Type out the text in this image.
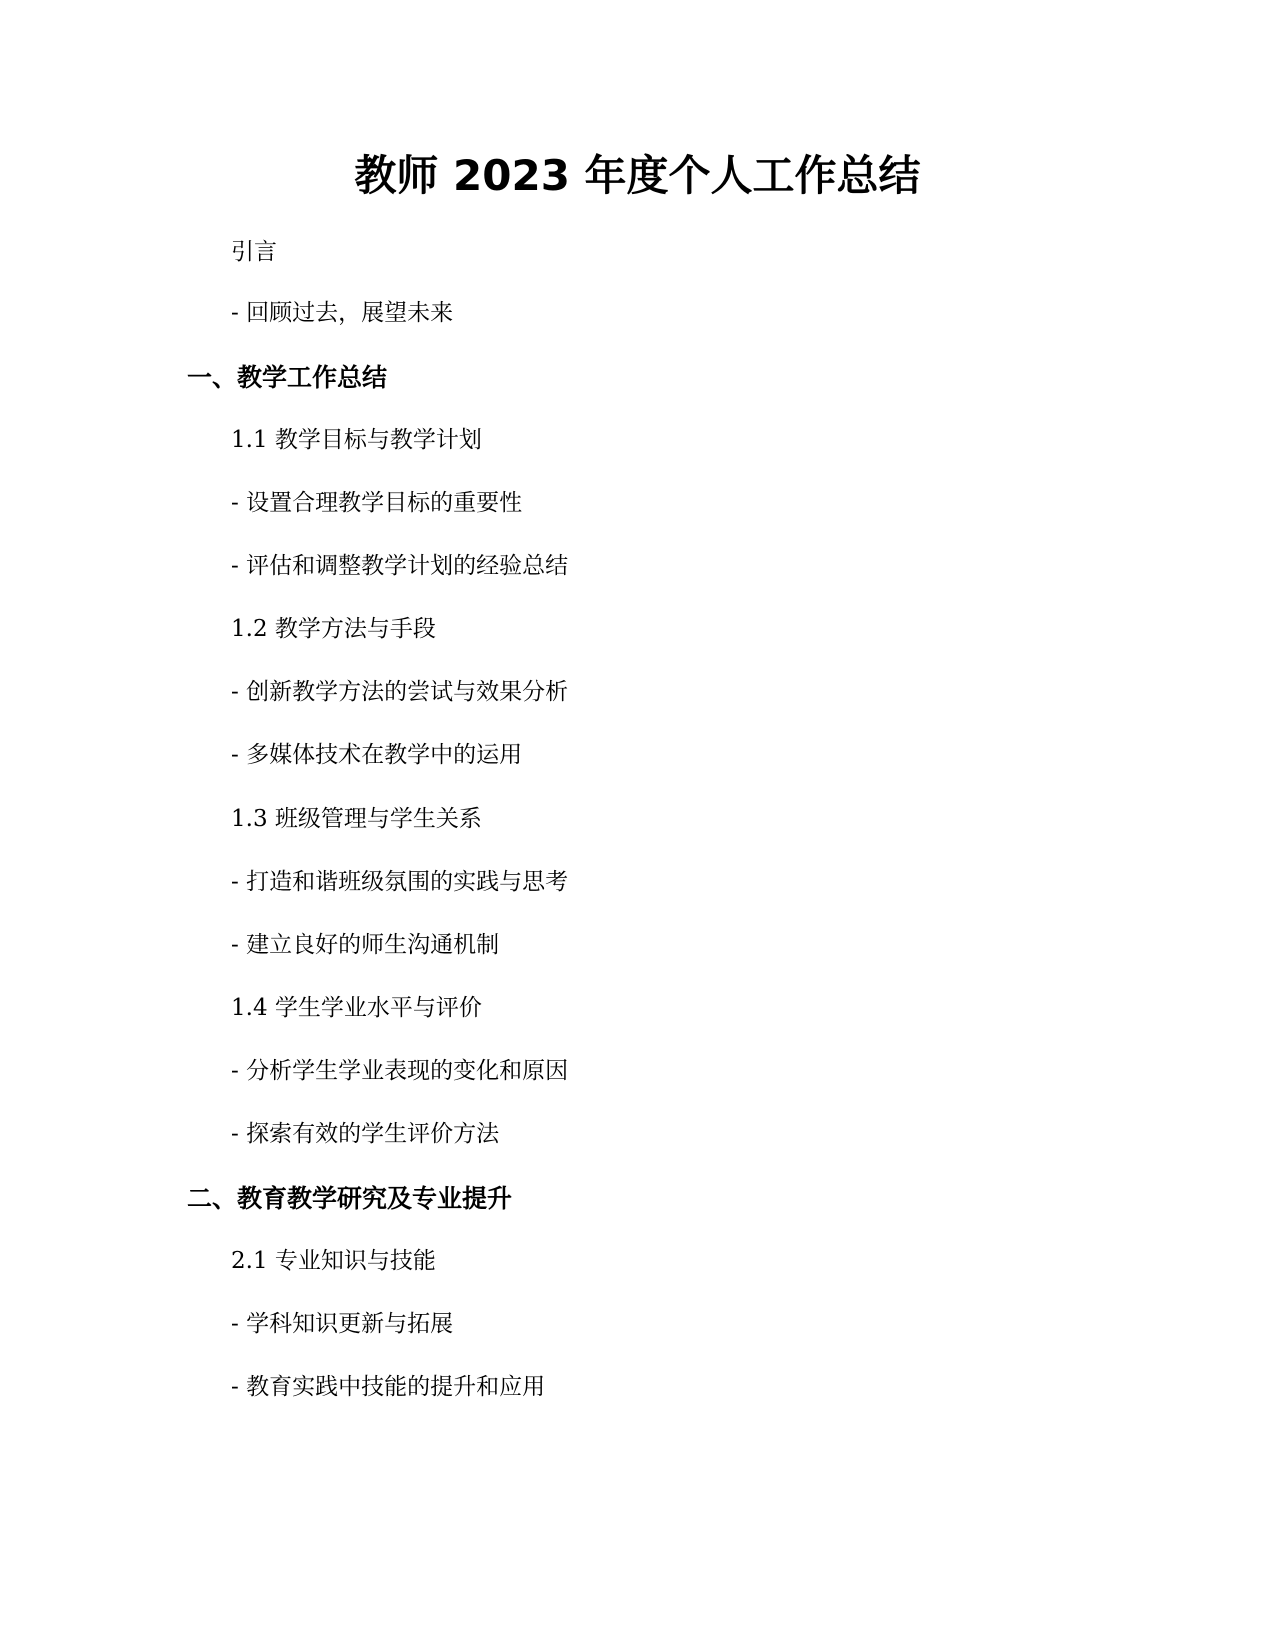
教师 2023 年度个人工作总结
引言
- 回顾过去，展望未来
一、教学工作总结
1.1 教学目标与教学计划
- 设置合理教学目标的重要性
- 评估和调整教学计划的经验总结
1.2 教学方法与手段
- 创新教学方法的尝试与效果分析
- 多媒体技术在教学中的运用
1.3 班级管理与学生关系
- 打造和谐班级氛围的实践与思考
- 建立良好的师生沟通机制
1.4 学生学业水平与评价
- 分析学生学业表现的变化和原因
- 探索有效的学生评价方法
二、教育教学研究及专业提升
2.1 专业知识与技能
- 学科知识更新与拓展
- 教育实践中技能的提升和应用
